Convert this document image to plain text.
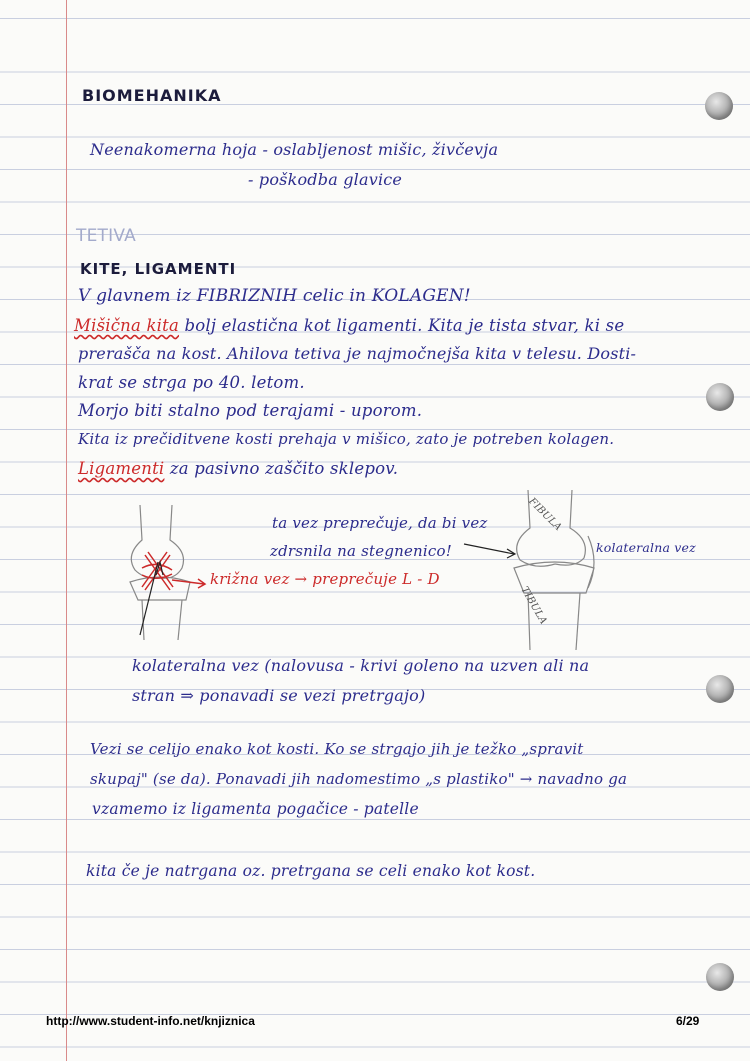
BIOMEHANIKA

Neenakomerna hoja - oslabljenost mišic, živčevja

- poškodba glavice

TETIVA

KITE, LIGAMENTI

V glavnem iz FIBRIZNIH celic in KOLAGEN!

Mišična kita bolj elastična kot ligamenti. Kita je tista stvar, ki se

preraščа na kost. Ahilova tetiva je najmočnejša kita v telesu. Dosti-

krat se strga po 40. letom.

Morjo biti stalno pod terajami - uporom.

Kita iz prečiditvene kosti prehaja v mišico, zato je potreben kolagen.

Ligamenti za pasivno zaščito sklepov.

ta vez preprečuje, da bi vez

zdrsnila na stegnenico!

križna vez → preprečuje L - D

FIBULA

TIBULA

kolateralna vez

kolateralna vez (nalovusa - krivi goleno na uzven ali na

stran ⇒ ponavadi se vezi pretrgajo)

Vezi se celijo enako kot kosti. Ko se strgajo jih je težko „spravit

skupaj" (se da). Ponavadi jih nadomestimo „s plastiko" → navadno ga

vzamemo iz ligamenta pogačice - patelle

kita če je natrgana oz. pretrgana se celi enako kot kost.

http://www.student-info.net/knjiznica	6/29
